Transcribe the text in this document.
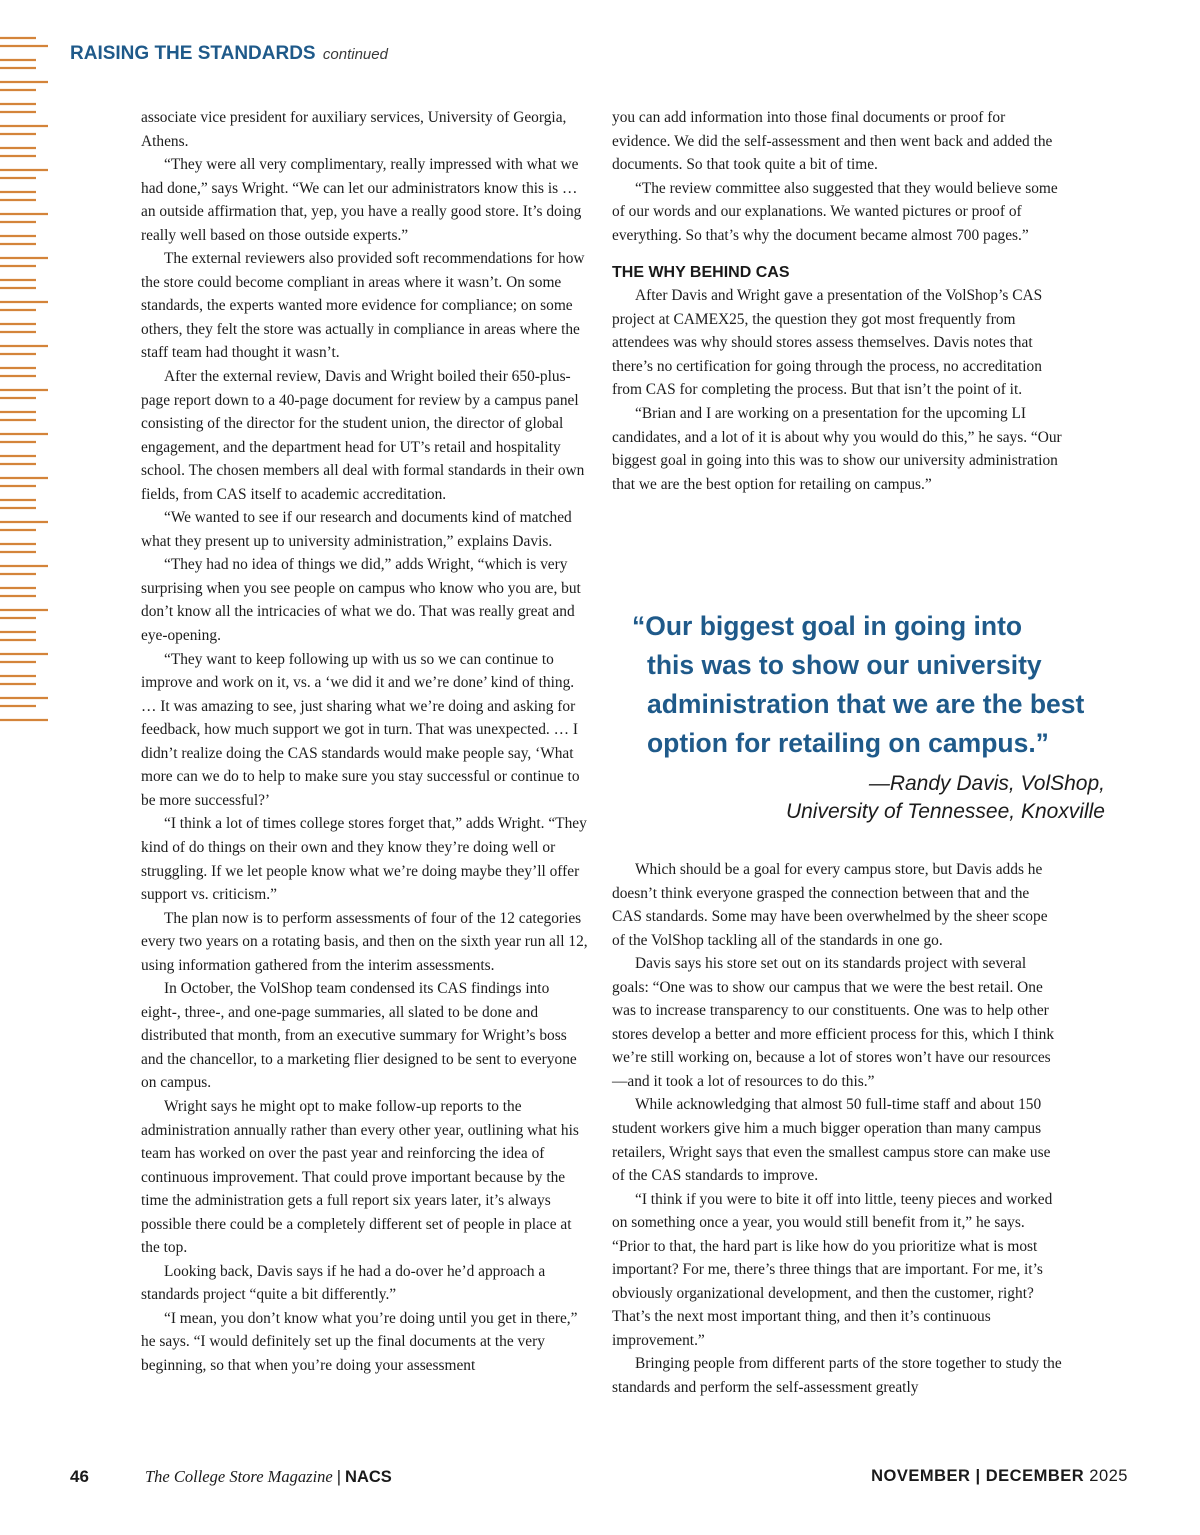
RAISING THE STANDARDS continued

associate vice president for auxiliary services, University of Georgia, Athens.

“They were all very complimentary, really impressed with what we had done,” says Wright. “We can let our administrators know this is … an outside affirmation that, yep, you have a really good store. It’s doing really well based on those outside experts.”

The external reviewers also provided soft recommendations for how the store could become compliant in areas where it wasn’t. On some standards, the experts wanted more evidence for compliance; on some others, they felt the store was actually in compliance in areas where the staff team had thought it wasn’t.

After the external review, Davis and Wright boiled their 650-plus-page report down to a 40-page document for review by a campus panel consisting of the director for the student union, the director of global engagement, and the department head for UT’s retail and hospitality school. The chosen members all deal with formal standards in their own fields, from CAS itself to academic accreditation.

“We wanted to see if our research and documents kind of matched what they present up to university administration,” explains Davis.

“They had no idea of things we did,” adds Wright, “which is very surprising when you see people on campus who know who you are, but don’t know all the intricacies of what we do. That was really great and eye-opening.

“They want to keep following up with us so we can continue to improve and work on it, vs. a ‘we did it and we’re done’ kind of thing. … It was amazing to see, just sharing what we’re doing and asking for feedback, how much support we got in turn. That was unexpected. … I didn’t realize doing the CAS standards would make people say, ‘What more can we do to help to make sure you stay successful or continue to be more successful?’

“I think a lot of times college stores forget that,” adds Wright. “They kind of do things on their own and they know they’re doing well or struggling. If we let people know what we’re doing maybe they’ll offer support vs. criticism.”

The plan now is to perform assessments of four of the 12 categories every two years on a rotating basis, and then on the sixth year run all 12, using information gathered from the interim assessments.

In October, the VolShop team condensed its CAS findings into eight-, three-, and one-page summaries, all slated to be done and distributed that month, from an executive summary for Wright’s boss and the chancellor, to a marketing flier designed to be sent to everyone on campus.

Wright says he might opt to make follow-up reports to the administration annually rather than every other year, outlining what his team has worked on over the past year and reinforcing the idea of continuous improvement. That could prove important because by the time the administration gets a full report six years later, it’s always possible there could be a completely different set of people in place at the top.

Looking back, Davis says if he had a do-over he’d approach a standards project “quite a bit differently.”

“I mean, you don’t know what you’re doing until you get in there,” he says. “I would definitely set up the final documents at the very beginning, so that when you’re doing your assessment

you can add information into those final documents or proof for evidence. We did the self-assessment and then went back and added the documents. So that took quite a bit of time.

“The review committee also suggested that they would believe some of our words and our explanations. We wanted pictures or proof of everything. So that’s why the document became almost 700 pages.”

THE WHY BEHIND CAS

After Davis and Wright gave a presentation of the VolShop’s CAS project at CAMEX25, the question they got most frequently from attendees was why should stores assess themselves. Davis notes that there’s no certification for going through the process, no accreditation from CAS for completing the process. But that isn’t the point of it.

“Brian and I are working on a presentation for the upcoming LI candidates, and a lot of it is about why you would do this,” he says. “Our biggest goal in going into this was to show our university administration that we are the best option for retailing on campus.”

“Our biggest goal in going into
this was to show our university
administration that we are the best
option for retailing on campus.”
—Randy Davis, VolShop,
University of Tennessee, Knoxville

Which should be a goal for every campus store, but Davis adds he doesn’t think everyone grasped the connection between that and the CAS standards. Some may have been overwhelmed by the sheer scope of the VolShop tackling all of the standards in one go.

Davis says his store set out on its standards project with several goals: “One was to show our campus that we were the best retail. One was to increase transparency to our constituents. One was to help other stores develop a better and more efficient process for this, which I think we’re still working on, because a lot of stores won’t have our resources—and it took a lot of resources to do this.”

While acknowledging that almost 50 full-time staff and about 150 student workers give him a much bigger operation than many campus retailers, Wright says that even the smallest campus store can make use of the CAS standards to improve.

“I think if you were to bite it off into little, teeny pieces and worked on something once a year, you would still benefit from it,” he says. “Prior to that, the hard part is like how do you prioritize what is most important? For me, there’s three things that are important. For me, it’s obviously organizational development, and then the customer, right? That’s the next most important thing, and then it’s continuous improvement.”

Bringing people from different parts of the store together to study the standards and perform the self-assessment greatly

46	The College Store Magazine | NACS	NOVEMBER | DECEMBER 2025
